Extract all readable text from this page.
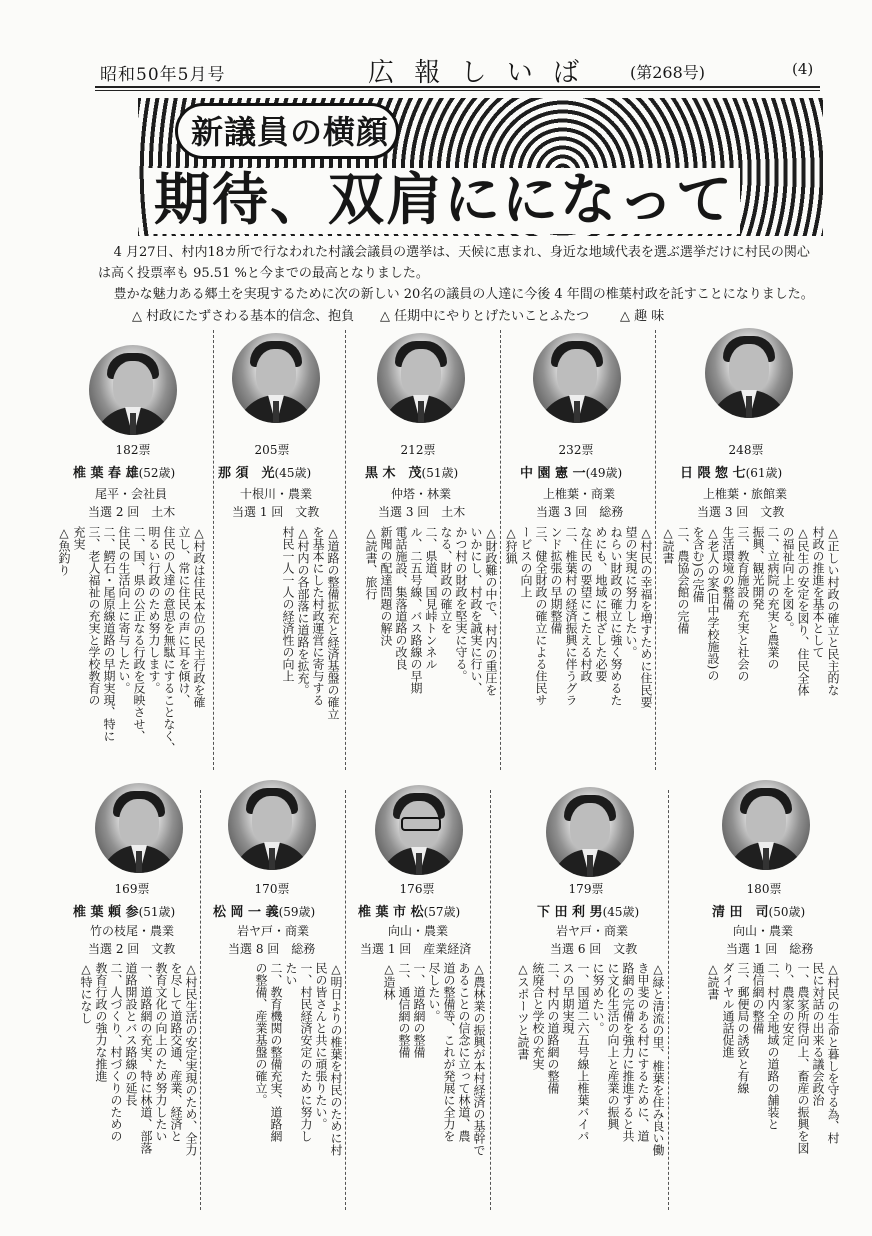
昭和50年5月号	広 報 し い ば	(第268号)	(4)
新議員の横顔
期待、双肩にになって

4 月27日、村内18カ所で行なわれた村議会議員の選挙は、天候に恵まれ、身近な地域代表を選ぶ選挙だけに村民の関心

は高く投票率も 95.51 %と今までの最高となりました。

豊かな魅力ある郷土を実現するために次の新しい 20名の議員の人達に今後 4 年間の椎葉村政を託すことになりました。

△ 村政にたずさわる基本的信念、抱負 △ 任期中にやりとげたいことふたつ △ 趣 味
182票
椎 葉 春 雄(52歳)
尾平・会社員
当選 2 回　土木
△村政は住民本位の民主行政を確
立し、常に住民の声に耳を傾け、
住民の人達の意思を無駄にすることなく、
明るい行政のため努力します。
二、国、県の公正なる行政を反映させ、
住民の生活向上に寄与したい。
二、鰐石・尾原線道路の早期実現、特に
三、老人福祉の充実と学校教育の
充実
△魚釣り
205票
那 須　光(45歳)
十根川・農業
当選 1 回　文教
△道路の整備拡充と経済基盤の確立
を基本にした村政運営に寄与する
△村内の各部落に道路を拡充。
村民一人一人の経済性の向上
212票
黒 木　茂(51歳)
仲塔・林業
当選 3 回　土木
△財政難の中で、村内の重圧を
いかにし、村政を誠実に行い、
かつ村の財政を堅実に守る。
なる、財政の確立を
二、県道、国見峠トンネル
ル、二五号線、バス路線の早期
電話施設、集落道路の改良
新聞の配達問題の解決
△読書、旅行
232票
中 園 憲 一(49歳)
上椎葉・商業
当選 3 回　総務
△村民の幸福を増すために住民要
望の実現に努力したい。
ねらい財政の確立に強く努めるた
めにも、地域に根ざした必要
な住民の要望にこたえる村政
二、椎葉村の経済振興に伴うグラ
ンド拡張の早期整備
三、健全財政の確立による住民サ
ービスの向上
△狩猟
248票
日 隈 惣 七(61歳)
上椎葉・旅館業
当選 3 回　文教
△正しい村政の確立と民主的な
村政の推進を基本として
△民生の安定を図り、住民全体
の福祉向上を図る。
二、立病院の充実と農業の
振興、観光開発
三、教育施設の充実と社会の
生活環境の整備
△老人の家(旧中学校施設)の
を含む)の完備
二、農協会館の完備
△読書
169票
椎 葉 頼 参(51歳)
竹の枝尾・農業
当選 2 回　文教
△村民生活の安定実現のため、全力
を尽して道路交通、産業、経済と
教育文化の向上のため努力したい
一、道路網の充実、特に林道、部落
道路開設とバス路線の延長
二、人づくり、村づくりのための
教育行政の強力な推進
△特になし
170票
松 岡 一 義(59歳)
岩ヤ戸・商業
当選 8 回　総務
△明日よりの椎葉を村民のために村
民の皆さんと共に頑張りたい。
一、村民経済安定のために努力し
たい
二、教育機関の整備充実、道路網
の整備、産業基盤の確立。
176票
椎 葉 市 松(57歳)
向山・農業
当選 1 回　産業経済
△農林業の振興が本村経済の基幹で
あることの信念に立って林道、農
道の整備等、これが発展に全力を
尽したい。
一、道路網の整備
二、通信網の整備
△造林
179票
下 田 利 男(45歳)
岩ヤ戸・商業
当選 6 回　文教
△緑と清流の里、椎葉を住み良い働
き甲斐のある村にするために、道
路網の完備を強力に推進すると共
に文化生活の向上と産業の振興
に努めたい。
一、国道二六五号線上椎葉バイパ
スの早期実現
二、村内の道路網の整備
統廃合と学校の充実
△スポーツと読書
180票
清 田　司(50歳)
向山・農業
当選 1 回　総務
△村民の生命と暮しを守る為、村
民に対話の出来る議会政治
一、農家所得向上、畜産の振興を図
り、農家の安定
二、村内全地域の道路の舗装と
通信網の整備
三、郵便局の誘致と有線
ダイヤル通話促進
△読書
